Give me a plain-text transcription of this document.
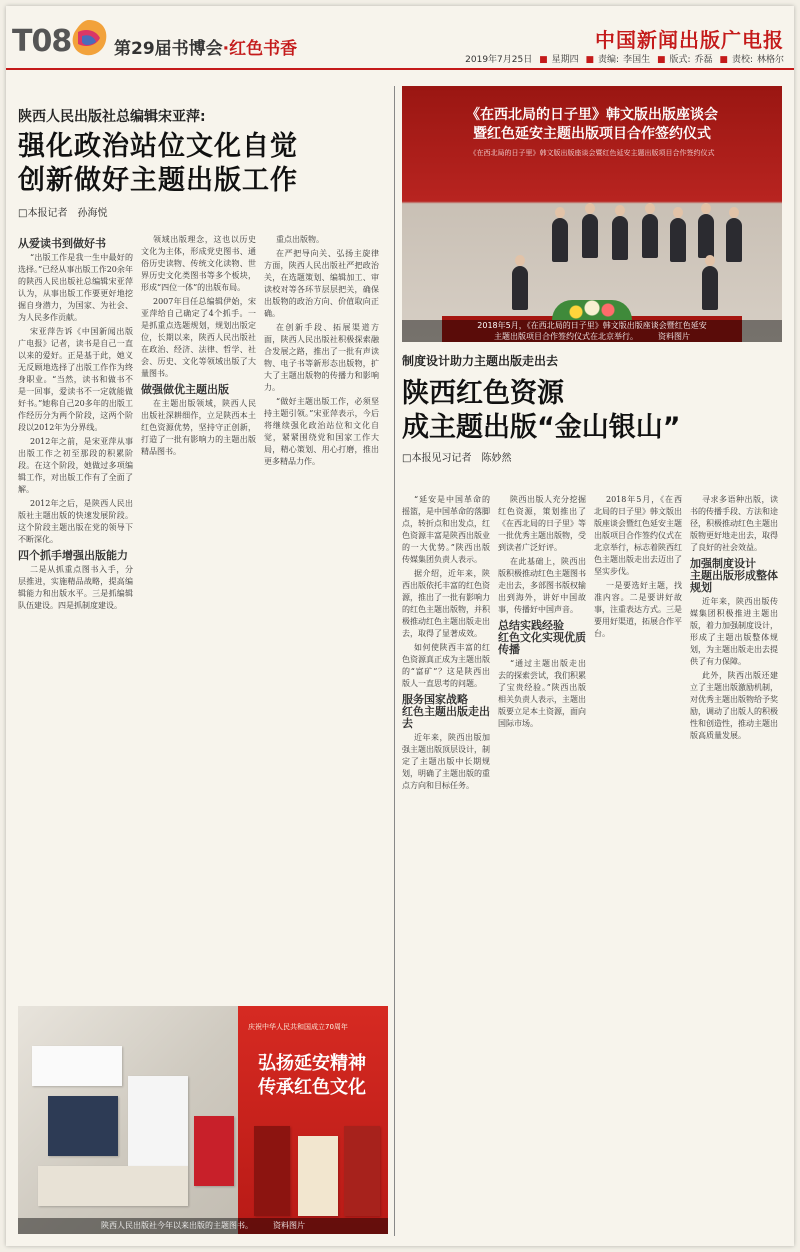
T08	第29届书博会·红色书香	中国新闻出版广电报
2019年7月25日 ■ 星期四 ■ 责编: 李国生 ■ 版式: 乔磊 ■ 责校: 林格尔
陕西人民出版社总编辑宋亚萍:
强化政治站位文化自觉
创新做好主题出版工作
□本报记者　孙海悦
从爱读书到做好书

“出版工作是我一生中最好的选择。”已经从事出版工作20余年的陕西人民出版社总编辑宋亚萍认为，从事出版工作要更好地挖掘自身潜力，为国家、为社会、为人民多作贡献。

宋亚萍告诉《中国新闻出版广电报》记者，读书是自己一直以来的爱好。正是基于此，她义无反顾地选择了出版工作作为终身职业。“当然，读书和做书不是一回事，爱读书不一定就能做好书。”她称自己20多年的出版工作经历分为两个阶段，这两个阶段以2012年为分界线。

2012年之前，是宋亚萍从事出版工作之初至那段的积累阶段。在这个阶段，她做过多项编辑工作，对出版工作有了全面了解。

2012年之后，是陕西人民出版社主题出版的快速发展阶段。这个阶段主题出版在党的领导下不断深化。

四个抓手增强出版能力

二是从抓重点图书入手，分层推进，实施精品战略，提高编辑能力和出版水平。三是抓编辑队伍建设。四是抓制度建设。

领域出版理念，这也以历史文化为主体，形成党史图书、通俗历史读物、传统文化读物、世界历史文化类图书等多个板块，形成“四位一体”的出版布局。

2007年目任总编辑伊始，宋亚萍给自己确定了4个抓手。一是抓重点选题规划，规划出版定位，长期以来，陕西人民出版社在政治、经济、法律、哲学、社会、历史、文化等领域出版了大量图书。

做强做优主题出版

在主题出版领域，陕西人民出版社深耕细作，立足陕西本土红色资源优势，坚持守正创新，打造了一批有影响力的主题出版精品图书。

重点出版物。

在严把导向关、弘扬主旋律方面，陕西人民出版社严把政治关，在选题策划、编辑加工、审读校对等各环节层层把关，确保出版物的政治方向、价值取向正确。

在创新手段、拓展渠道方面，陕西人民出版社积极探索融合发展之路，推出了一批有声读物、电子书等新形态出版物，扩大了主题出版物的传播力和影响力。

“做好主题出版工作，必须坚持主题引领。”宋亚萍表示，今后将继续强化政治站位和文化自觉，紧紧围绕党和国家工作大局，精心策划、用心打磨，推出更多精品力作。

庆祝中华人民共和国成立70周年
弘扬延安精神
传承红色文化
陕西人民出版社今年以来出版的主题图书。　　　资料图片
《在西北局的日子里》韩文版出版座谈会
暨红色延安主题出版项目合作签约仪式
《在西北局的日子里》韩文版出版座谈会暨红色延安主题出版项目合作签约仪式
2018年5月，《在西北局的日子里》韩文版出版座谈会暨红色延安
主题出版项目合作签约仪式在北京举行。　　　资料图片
制度设计助力主题出版走出去
陕西红色资源
成主题出版“金山银山”
□本报见习记者　陈妙然

“延安是中国革命的摇篮，是中国革命的落脚点，转折点和出发点，红色资源丰富是陕西出版业的一大优势。”陕西出版传媒集团负责人表示。

据介绍，近年来，陕西出版依托丰富的红色资源，推出了一批有影响力的红色主题出版物，并积极推动红色主题出版走出去，取得了显著成效。

如何使陕西丰富的红色资源真正成为主题出版的“富矿”？这是陕西出版人一直思考的问题。

服务国家战略
红色主题出版走出去

近年来，陕西出版加强主题出版顶层设计，制定了主题出版中长期规划，明确了主题出版的重点方向和目标任务。

陕西出版人充分挖掘红色资源，策划推出了《在西北局的日子里》等一批优秀主题出版物，受到读者广泛好评。

在此基础上，陕西出版积极推动红色主题图书走出去，多部图书版权输出到海外，讲好中国故事，传播好中国声音。

总结实践经验
红色文化实现优质传播

“通过主题出版走出去的探索尝试，我们积累了宝贵经验。”陕西出版相关负责人表示，主题出版要立足本土资源，面向国际市场。

2018年5月，《在西北局的日子里》韩文版出版座谈会暨红色延安主题出版项目合作签约仪式在北京举行，标志着陕西红色主题出版走出去迈出了坚实步伐。

一是要选好主题，找准内容。二是要讲好故事，注重表达方式。三是要用好渠道，拓展合作平台。

寻求多语种出版，读书的传播手段、方法和途径，积极推动红色主题出版物更好地走出去，取得了良好的社会效益。

加强制度设计
主题出版形成整体规划

近年来，陕西出版传媒集团积极推进主题出版，着力加强制度设计，形成了主题出版整体规划，为主题出版走出去提供了有力保障。

此外，陕西出版还建立了主题出版激励机制，对优秀主题出版物给予奖励，调动了出版人的积极性和创造性，推动主题出版高质量发展。
